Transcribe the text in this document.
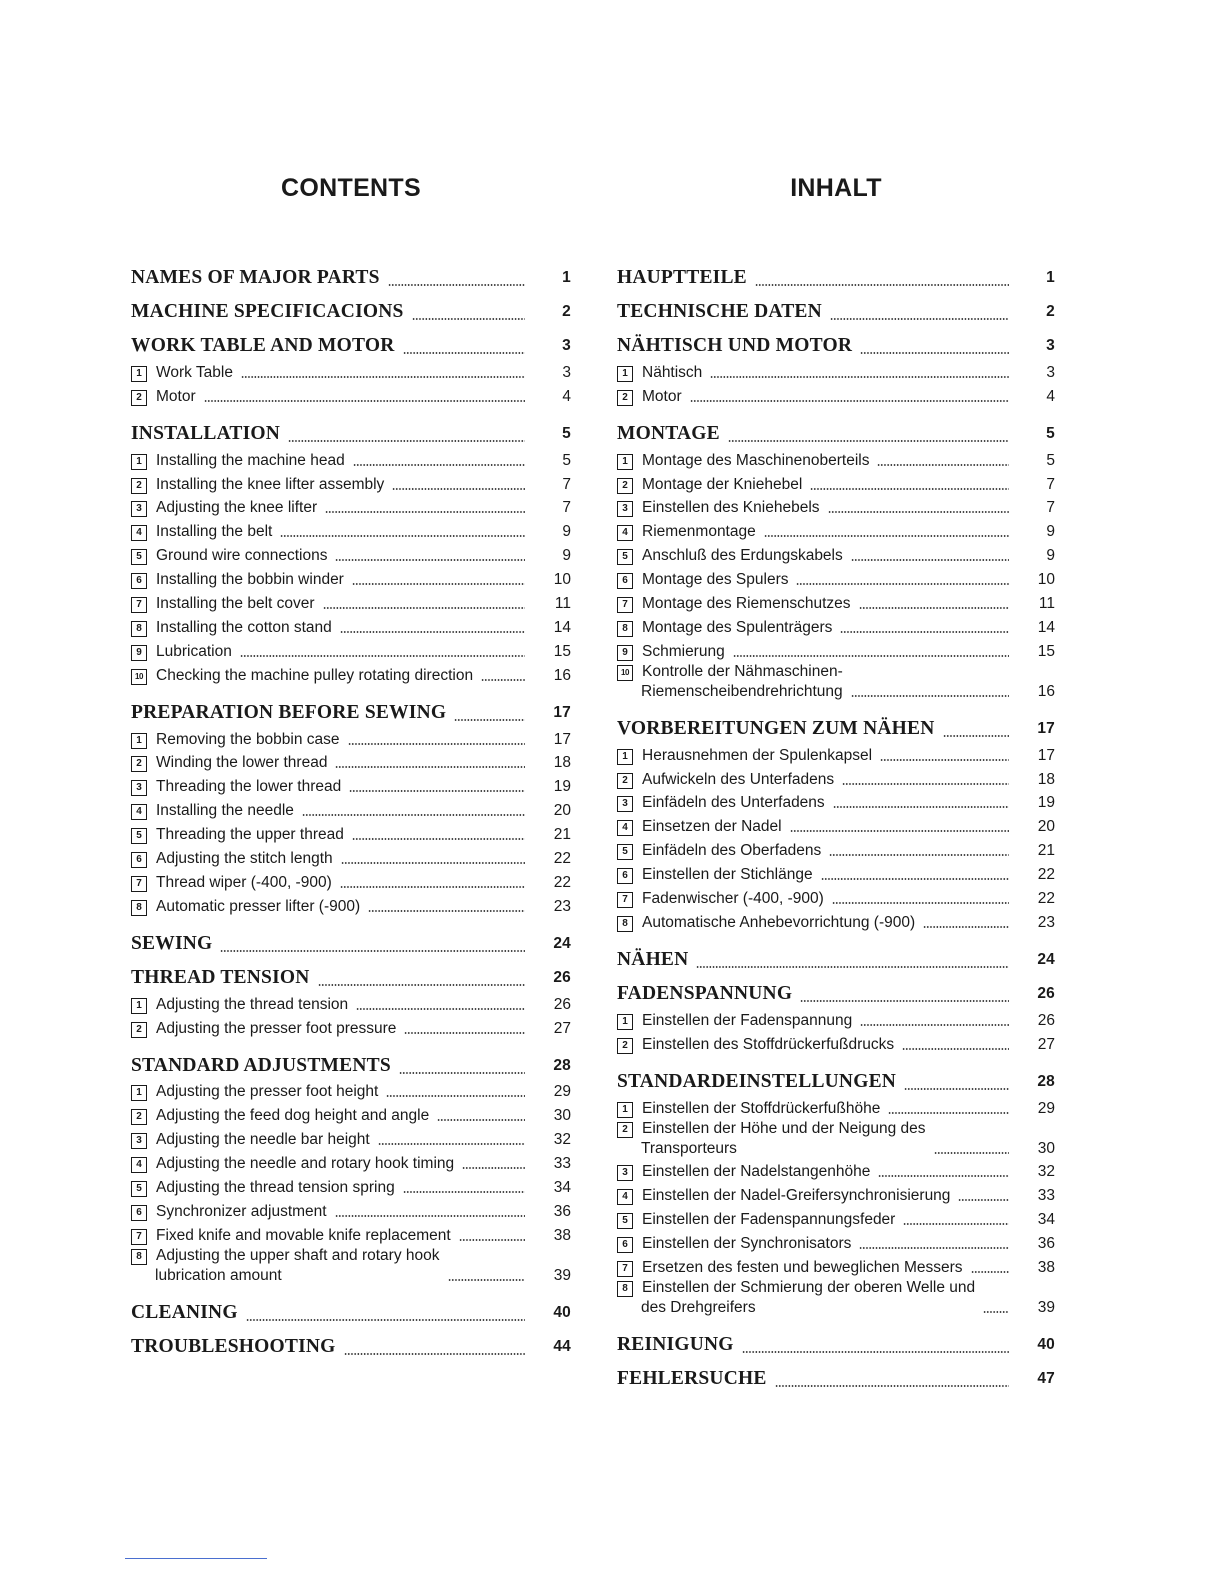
CONTENTS
NAMES OF MAJOR PARTS	1
MACHINE SPECIFICACIONS	2
WORK TABLE AND MOTOR	3
1 Work Table	3
2 Motor	4
INSTALLATION	5
1 Installing the machine head	5
2 Installing the knee lifter assembly	7
3 Adjusting the knee lifter	7
4 Installing the belt	9
5 Ground wire connections	9
6 Installing the bobbin winder	10
7 Installing the belt cover	11
8 Installing the cotton stand	14
9 Lubrication	15
10 Checking the machine pulley rotating direction	16
PREPARATION BEFORE SEWING	17
1 Removing the bobbin case	17
2 Winding the lower thread	18
3 Threading the lower thread	19
4 Installing the needle	20
5 Threading the upper thread	21
6 Adjusting the stitch length	22
7 Thread wiper (-400, -900)	22
8 Automatic presser lifter (-900)	23
SEWING	24
THREAD TENSION	26
1 Adjusting the thread tension	26
2 Adjusting the presser foot pressure	27
STANDARD ADJUSTMENTS	28
1 Adjusting the presser foot height	29
2 Adjusting the feed dog height and angle	30
3 Adjusting the needle bar height	32
4 Adjusting the needle and rotary hook timing	33
5 Adjusting the thread tension spring	34
6 Synchronizer adjustment	36
7 Fixed knife and movable knife replacement	38
8 Adjusting the upper shaft and rotary hook
lubrication amount	39
CLEANING	40
TROUBLESHOOTING	44
INHALT
HAUPTTEILE	1
TECHNISCHE DATEN	2
NÄHTISCH UND MOTOR	3
1 Nähtisch	3
2 Motor	4
MONTAGE	5
1 Montage des Maschinenoberteils	5
2 Montage der Kniehebel	7
3 Einstellen des Kniehebels	7
4 Riemenmontage	9
5 Anschluß des Erdungskabels	9
6 Montage des Spulers	10
7 Montage des Riemenschutzes	11
8 Montage des Spulenträgers	14
9 Schmierung	15
10 Kontrolle der Nähmaschinen-
Riemenscheibendrehrichtung	16
VORBEREITUNGEN ZUM NÄHEN	17
1 Herausnehmen der Spulenkapsel	17
2 Aufwickeln des Unterfadens	18
3 Einfädeln des Unterfadens	19
4 Einsetzen der Nadel	20
5 Einfädeln des Oberfadens	21
6 Einstellen der Stichlänge	22
7 Fadenwischer (-400, -900)	22
8 Automatische Anhebevorrichtung (-900)	23
NÄHEN	24
FADENSPANNUNG	26
1 Einstellen der Fadenspannung	26
2 Einstellen des Stoffdrückerfußdrucks	27
STANDARDEINSTELLUNGEN	28
1 Einstellen der Stoffdrückerfußhöhe	29
2 Einstellen der Höhe und der Neigung des
Transporteurs	30
3 Einstellen der Nadelstangenhöhe	32
4 Einstellen der Nadel-Greifersynchronisierung	33
5 Einstellen der Fadenspannungsfeder	34
6 Einstellen der Synchronisators	36
7 Ersetzen des festen und beweglichen Messers	38
8 Einstellen der Schmierung der oberen Welle und
des Drehgreifers	39
REINIGUNG	40
FEHLERSUCHE	47
